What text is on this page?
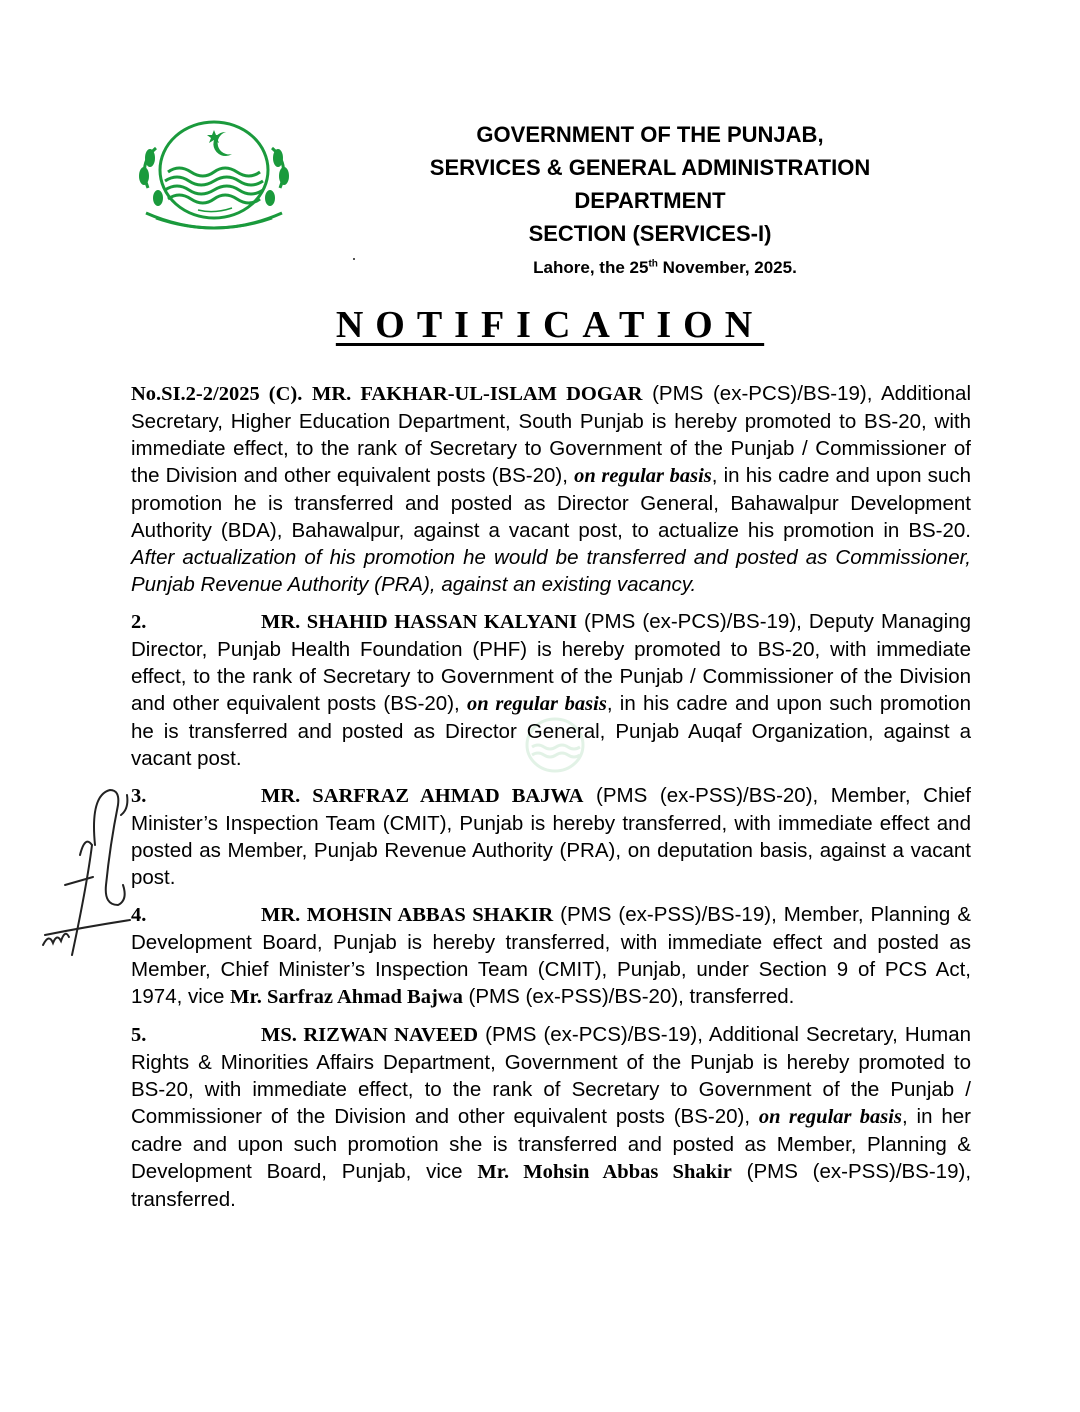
GOVERNMENT OF THE PUNJAB,
SERVICES & GENERAL ADMINISTRATION
DEPARTMENT
SECTION (SERVICES-I)
Lahore, the 25th November, 2025.
NOTIFICATION

No.SI.2-2/2025 (C). MR. FAKHAR-UL-ISLAM DOGAR (PMS (ex-PCS)/BS-19), Additional Secretary, Higher Education Department, South Punjab is hereby promoted to BS-20, with immediate effect, to the rank of Secretary to Government of the Punjab / Commissioner of the Division and other equivalent posts (BS-20), on regular basis, in his cadre and upon such promotion he is transferred and posted as Director General, Bahawalpur Development Authority (BDA), Bahawalpur, against a vacant post, to actualize his promotion in BS-20. After actualization of his promotion he would be transferred and posted as Commissioner, Punjab Revenue Authority (PRA), against an existing vacancy.

2.	MR. SHAHID HASSAN KALYANI (PMS (ex-PCS)/BS-19), Deputy Managing Director, Punjab Health Foundation (PHF) is hereby promoted to BS-20, with immediate effect, to the rank of Secretary to Government of the Punjab / Commissioner of the Division and other equivalent posts (BS-20), on regular basis, in his cadre and upon such promotion he is transferred and posted as Director General, Punjab Auqaf Organization, against a vacant post.

3.	MR. SARFRAZ AHMAD BAJWA (PMS (ex-PSS)/BS-20), Member, Chief Minister’s Inspection Team (CMIT), Punjab is hereby transferred, with immediate effect and posted as Member, Punjab Revenue Authority (PRA), on deputation basis, against a vacant post.

4.	MR. MOHSIN ABBAS SHAKIR (PMS (ex-PSS)/BS-19), Member, Planning & Development Board, Punjab is hereby transferred, with immediate effect and posted as Member, Chief Minister’s Inspection Team (CMIT), Punjab, under Section 9 of PCS Act, 1974, vice Mr. Sarfraz Ahmad Bajwa (PMS (ex-PSS)/BS-20), transferred.

5.	MS. RIZWAN NAVEED (PMS (ex-PCS)/BS-19), Additional Secretary, Human Rights & Minorities Affairs Department, Government of the Punjab is hereby promoted to BS-20, with immediate effect, to the rank of Secretary to Government of the Punjab / Commissioner of the Division and other equivalent posts (BS-20), on regular basis, in her cadre and upon such promotion she is transferred and posted as Member, Planning & Development Board, Punjab, vice Mr. Mohsin Abbas Shakir (PMS (ex-PSS)/BS-19), transferred.
